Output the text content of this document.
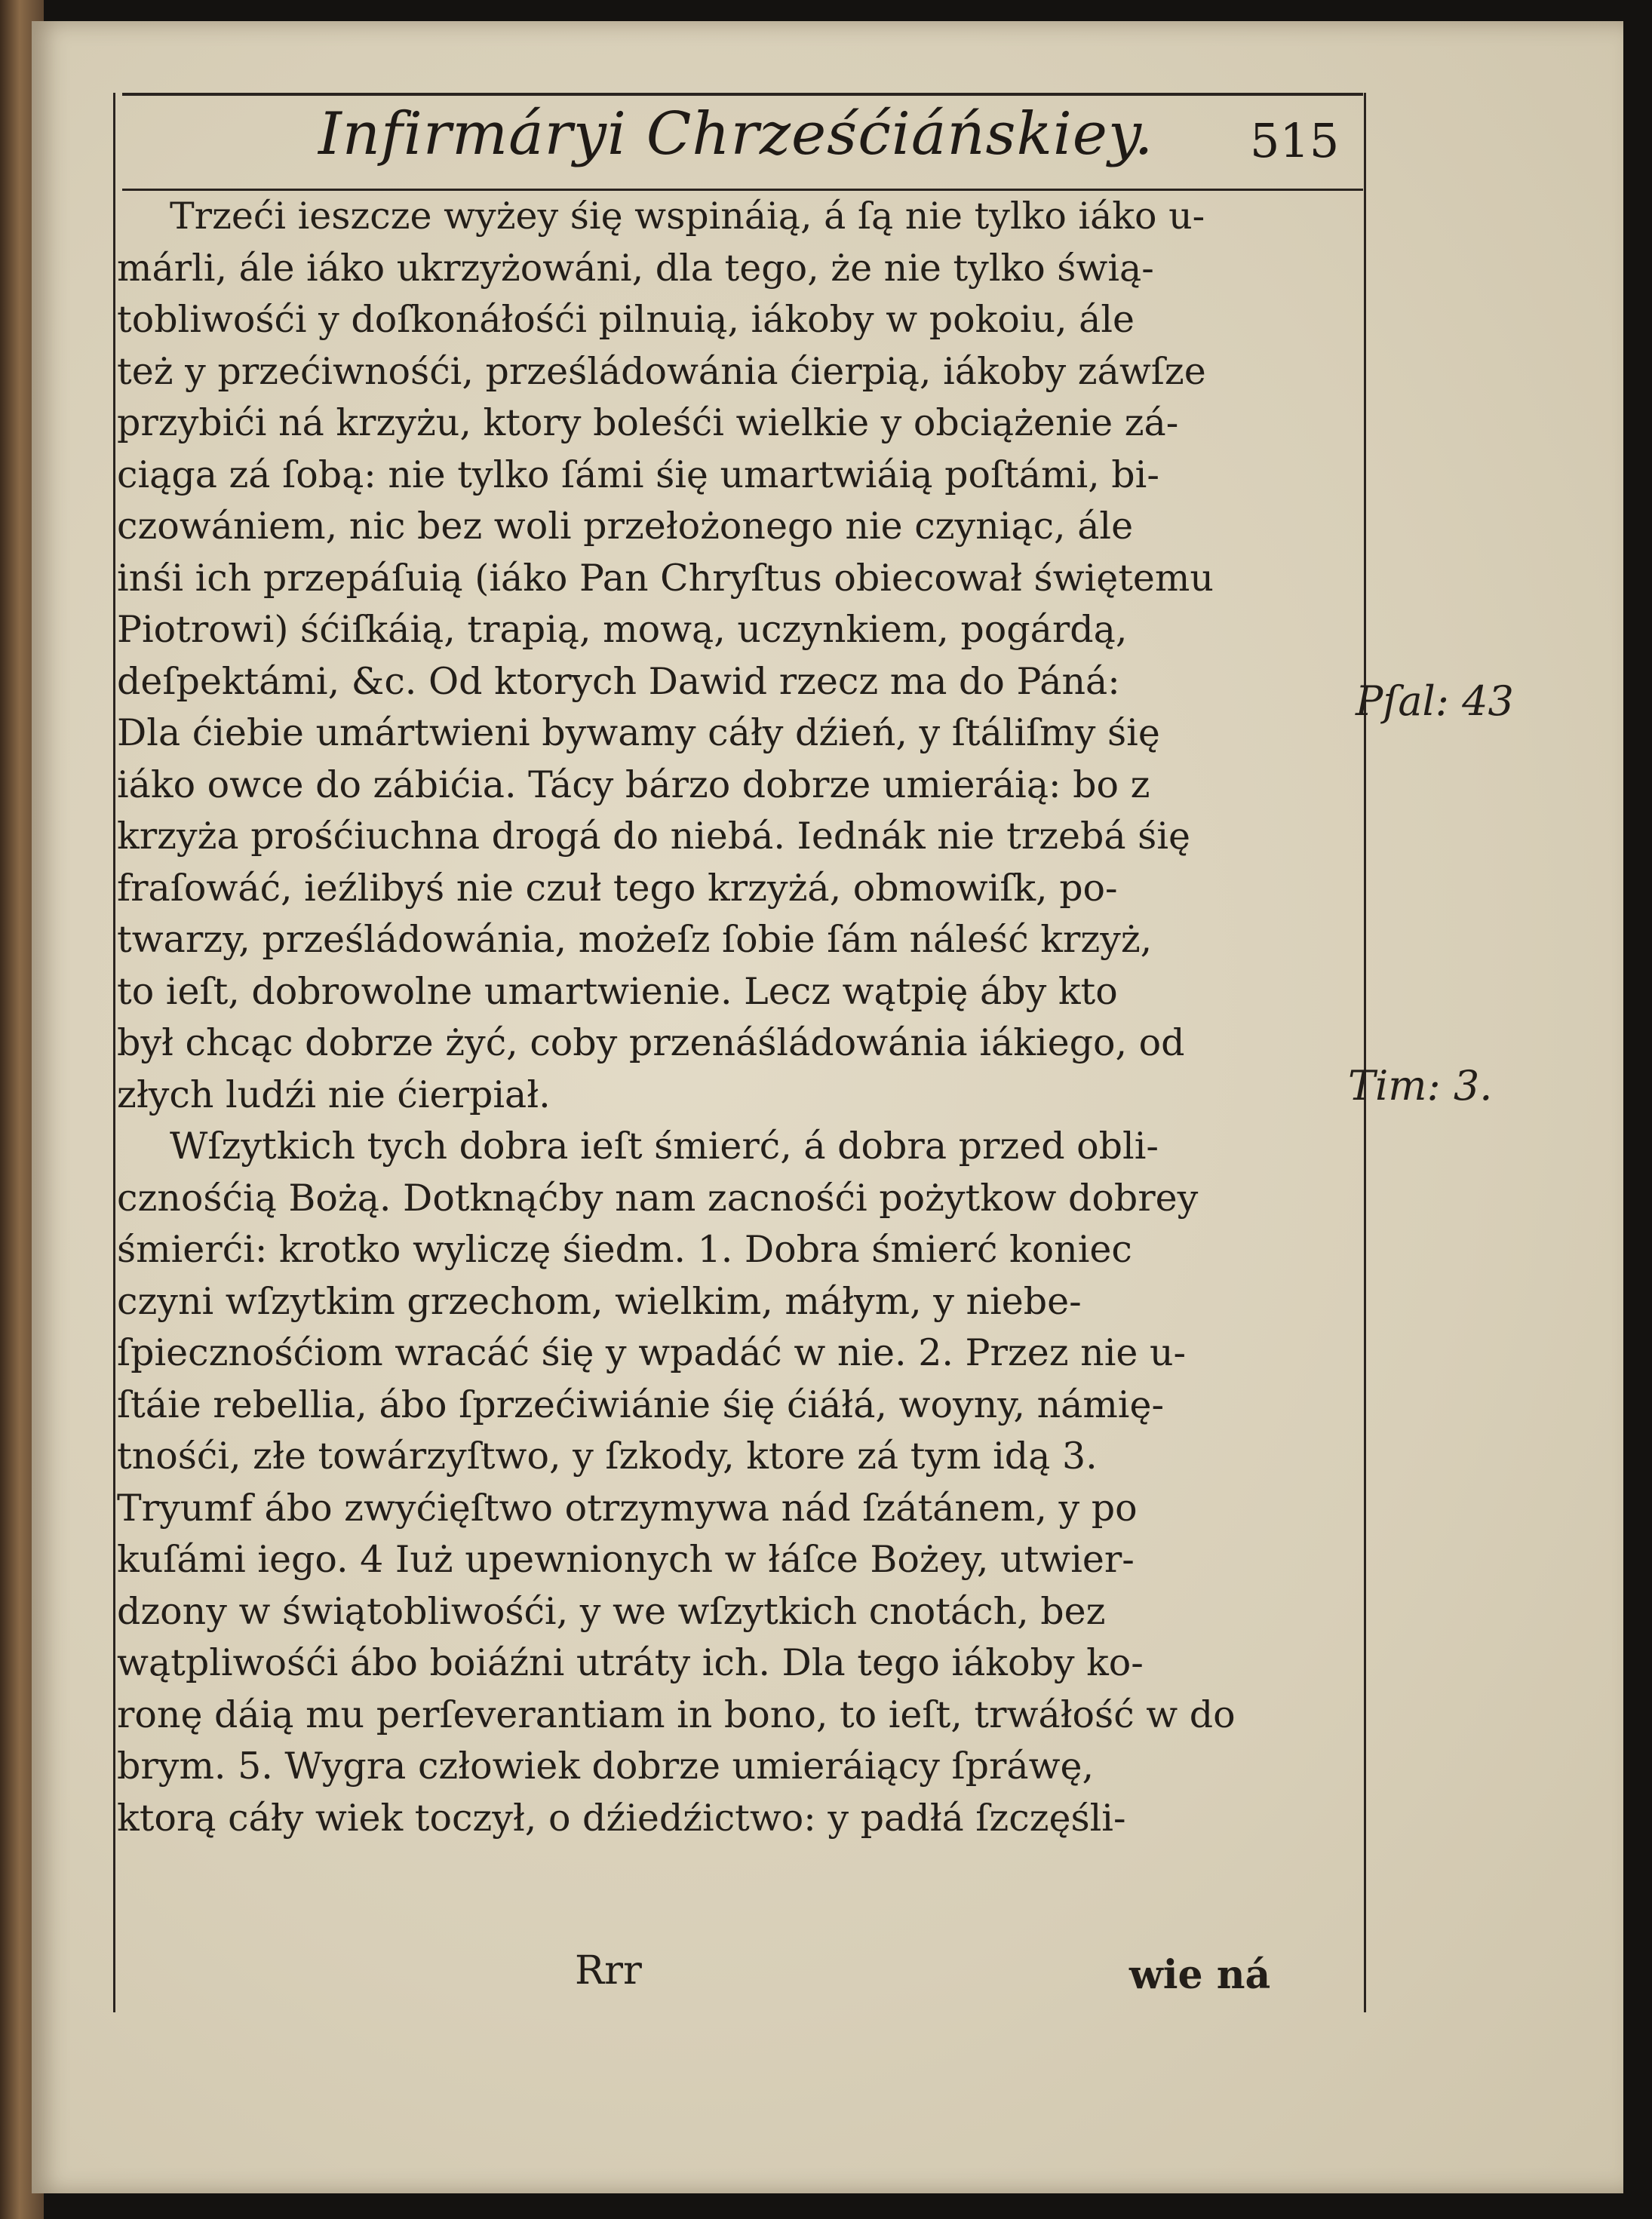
Infirmáryi Chrześćiáńskiey. 515
Trzeći ieszcze wyżey śię wspináią, á ſą nie tylko iáko u-
márli, ále iáko ukrzyżowáni, dla tego, że nie tylko świą-
tobliwośći y doſkonáłośći pilnuią, iákoby w pokoiu, ále
też y przećiwnośći, prześládowánia ćierpią, iákoby záwſze
przybići ná krzyżu, ktory boleśći wielkie y obciążenie zá-
ciąga zá ſobą: nie tylko ſámi śię umartwiáią poſtámi, bi-
czowániem, nic bez woli przełożonego nie czyniąc, ále
inśi ich przepáſuią (iáko Pan Chryſtus obiecował świętemu
Piotrowi) śćiſkáią, trapią, mową, uczynkiem, pogárdą,
deſpektámi, &c. Od ktorych Dawid rzecz ma do Páná:
Dla ćiebie umártwieni bywamy cáły dźień, y ſtáliſmy śię
iáko owce do zábićia. Tácy bárzo dobrze umieráią: bo z
krzyża prośćiuchna drogá do niebá. Iednák nie trzebá śię
fraſowáć, ieźlibyś nie czuł tego krzyżá, obmowiſk, po-
twarzy, prześládowánia, możeſz ſobie ſám náleść krzyż,
to ieſt, dobrowolne umartwienie. Lecz wątpię áby kto
był chcąc dobrze żyć, coby przenáśládowánia iákiego, od
złych ludźi nie ćierpiał.
Wſzytkich tych dobra ieſt śmierć, á dobra przed obli-
cznośćią Bożą. Dotknąćby nam zacnośći pożytkow dobrey
śmierći: krotko wyliczę śiedm. 1. Dobra śmierć koniec
czyni wſzytkim grzechom, wielkim, máłym, y niebe-
ſpiecznośćiom wracáć śię y wpadáć w nie. 2. Przez nie u-
ſtáie rebellia, ábo ſprzećiwiánie śię ćiáłá, woyny, námię-
tnośći, złe towárzyſtwo, y ſzkody, ktore zá tym idą 3.
Tryumf ábo zwyćięſtwo otrzymywa nád ſzátánem, y po
kuſámi iego. 4 Iuż upewnionych w łáſce Bożey, utwier-
dzony w świątobliwośći, y we wſzytkich cnotách, bez
wątpliwośći ábo boiáźni utráty ich. Dla tego iákoby ko-
ronę dáią mu perſeverantiam in bono, to ieſt, trwáłość w do
brym. 5. Wygra człowiek dobrze umieráiący ſpráwę,
ktorą cáły wiek toczył, o dźiedźictwo: y padłá ſzczęśli-
Pſal: 43
Tim: 3.
Rrr	wie ná
